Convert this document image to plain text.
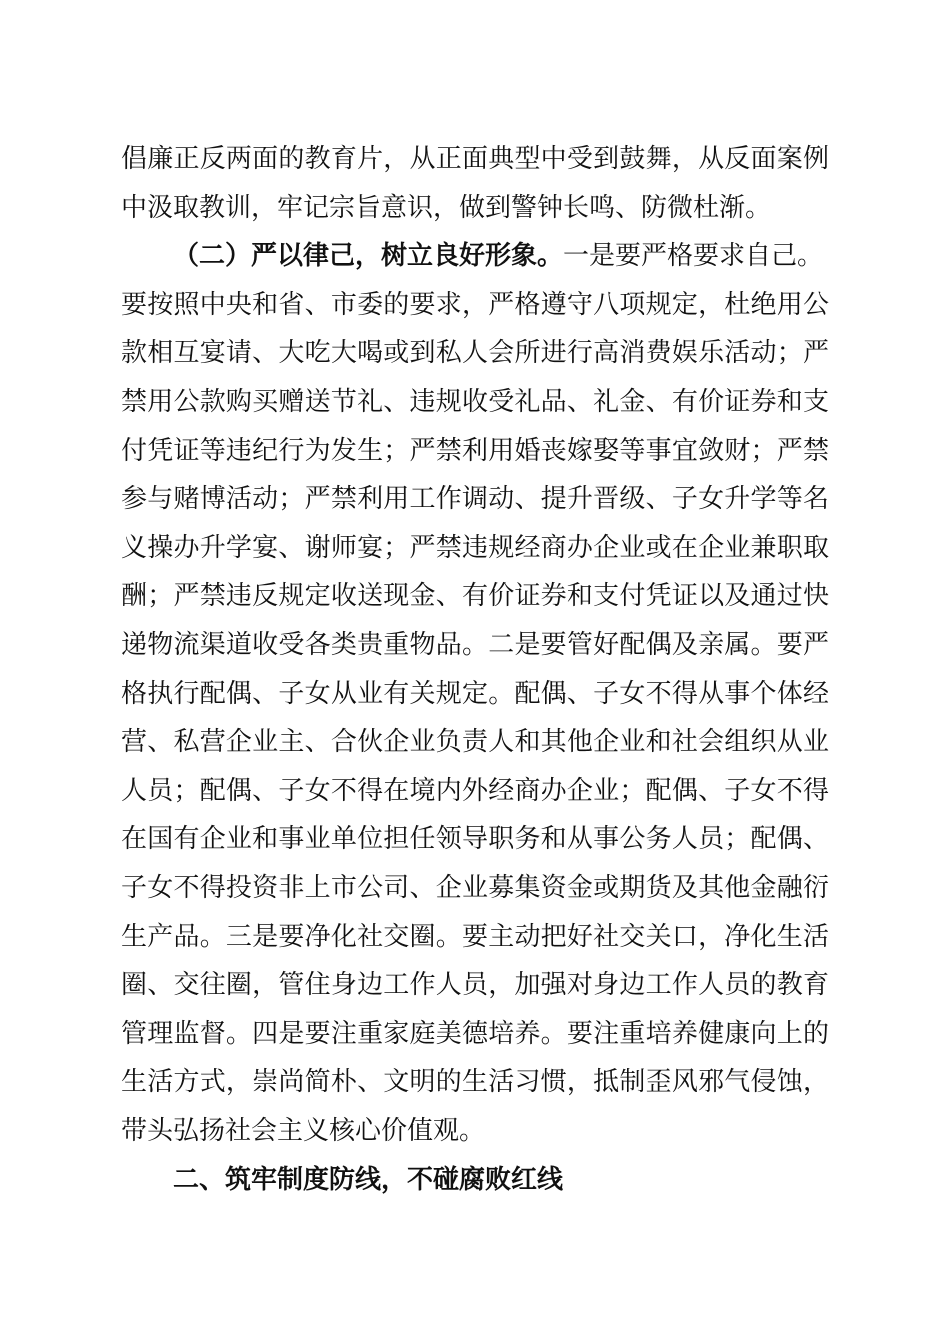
倡廉正反两面的教育片，从正面典型中受到鼓舞，从反面案例
中汲取教训，牢记宗旨意识，做到警钟长鸣、防微杜渐。
（二）严以律己，树立良好形象。一是要严格要求自己。
要按照中央和省、市委的要求，严格遵守八项规定，杜绝用公
款相互宴请、大吃大喝或到私人会所进行高消费娱乐活动；严
禁用公款购买赠送节礼、违规收受礼品、礼金、有价证券和支
付凭证等违纪行为发生；严禁利用婚丧嫁娶等事宜敛财；严禁
参与赌博活动；严禁利用工作调动、提升晋级、子女升学等名
义操办升学宴、谢师宴；严禁违规经商办企业或在企业兼职取
酬；严禁违反规定收送现金、有价证券和支付凭证以及通过快
递物流渠道收受各类贵重物品。二是要管好配偶及亲属。要严
格执行配偶、子女从业有关规定。配偶、子女不得从事个体经
营、私营企业主、合伙企业负责人和其他企业和社会组织从业
人员；配偶、子女不得在境内外经商办企业；配偶、子女不得
在国有企业和事业单位担任领导职务和从事公务人员；配偶、
子女不得投资非上市公司、企业募集资金或期货及其他金融衍
生产品。三是要净化社交圈。要主动把好社交关口，净化生活
圈、交往圈，管住身边工作人员，加强对身边工作人员的教育
管理监督。四是要注重家庭美德培养。要注重培养健康向上的
生活方式，崇尚简朴、文明的生活习惯，抵制歪风邪气侵蚀，
带头弘扬社会主义核心价值观。
二、筑牢制度防线，不碰腐败红线
